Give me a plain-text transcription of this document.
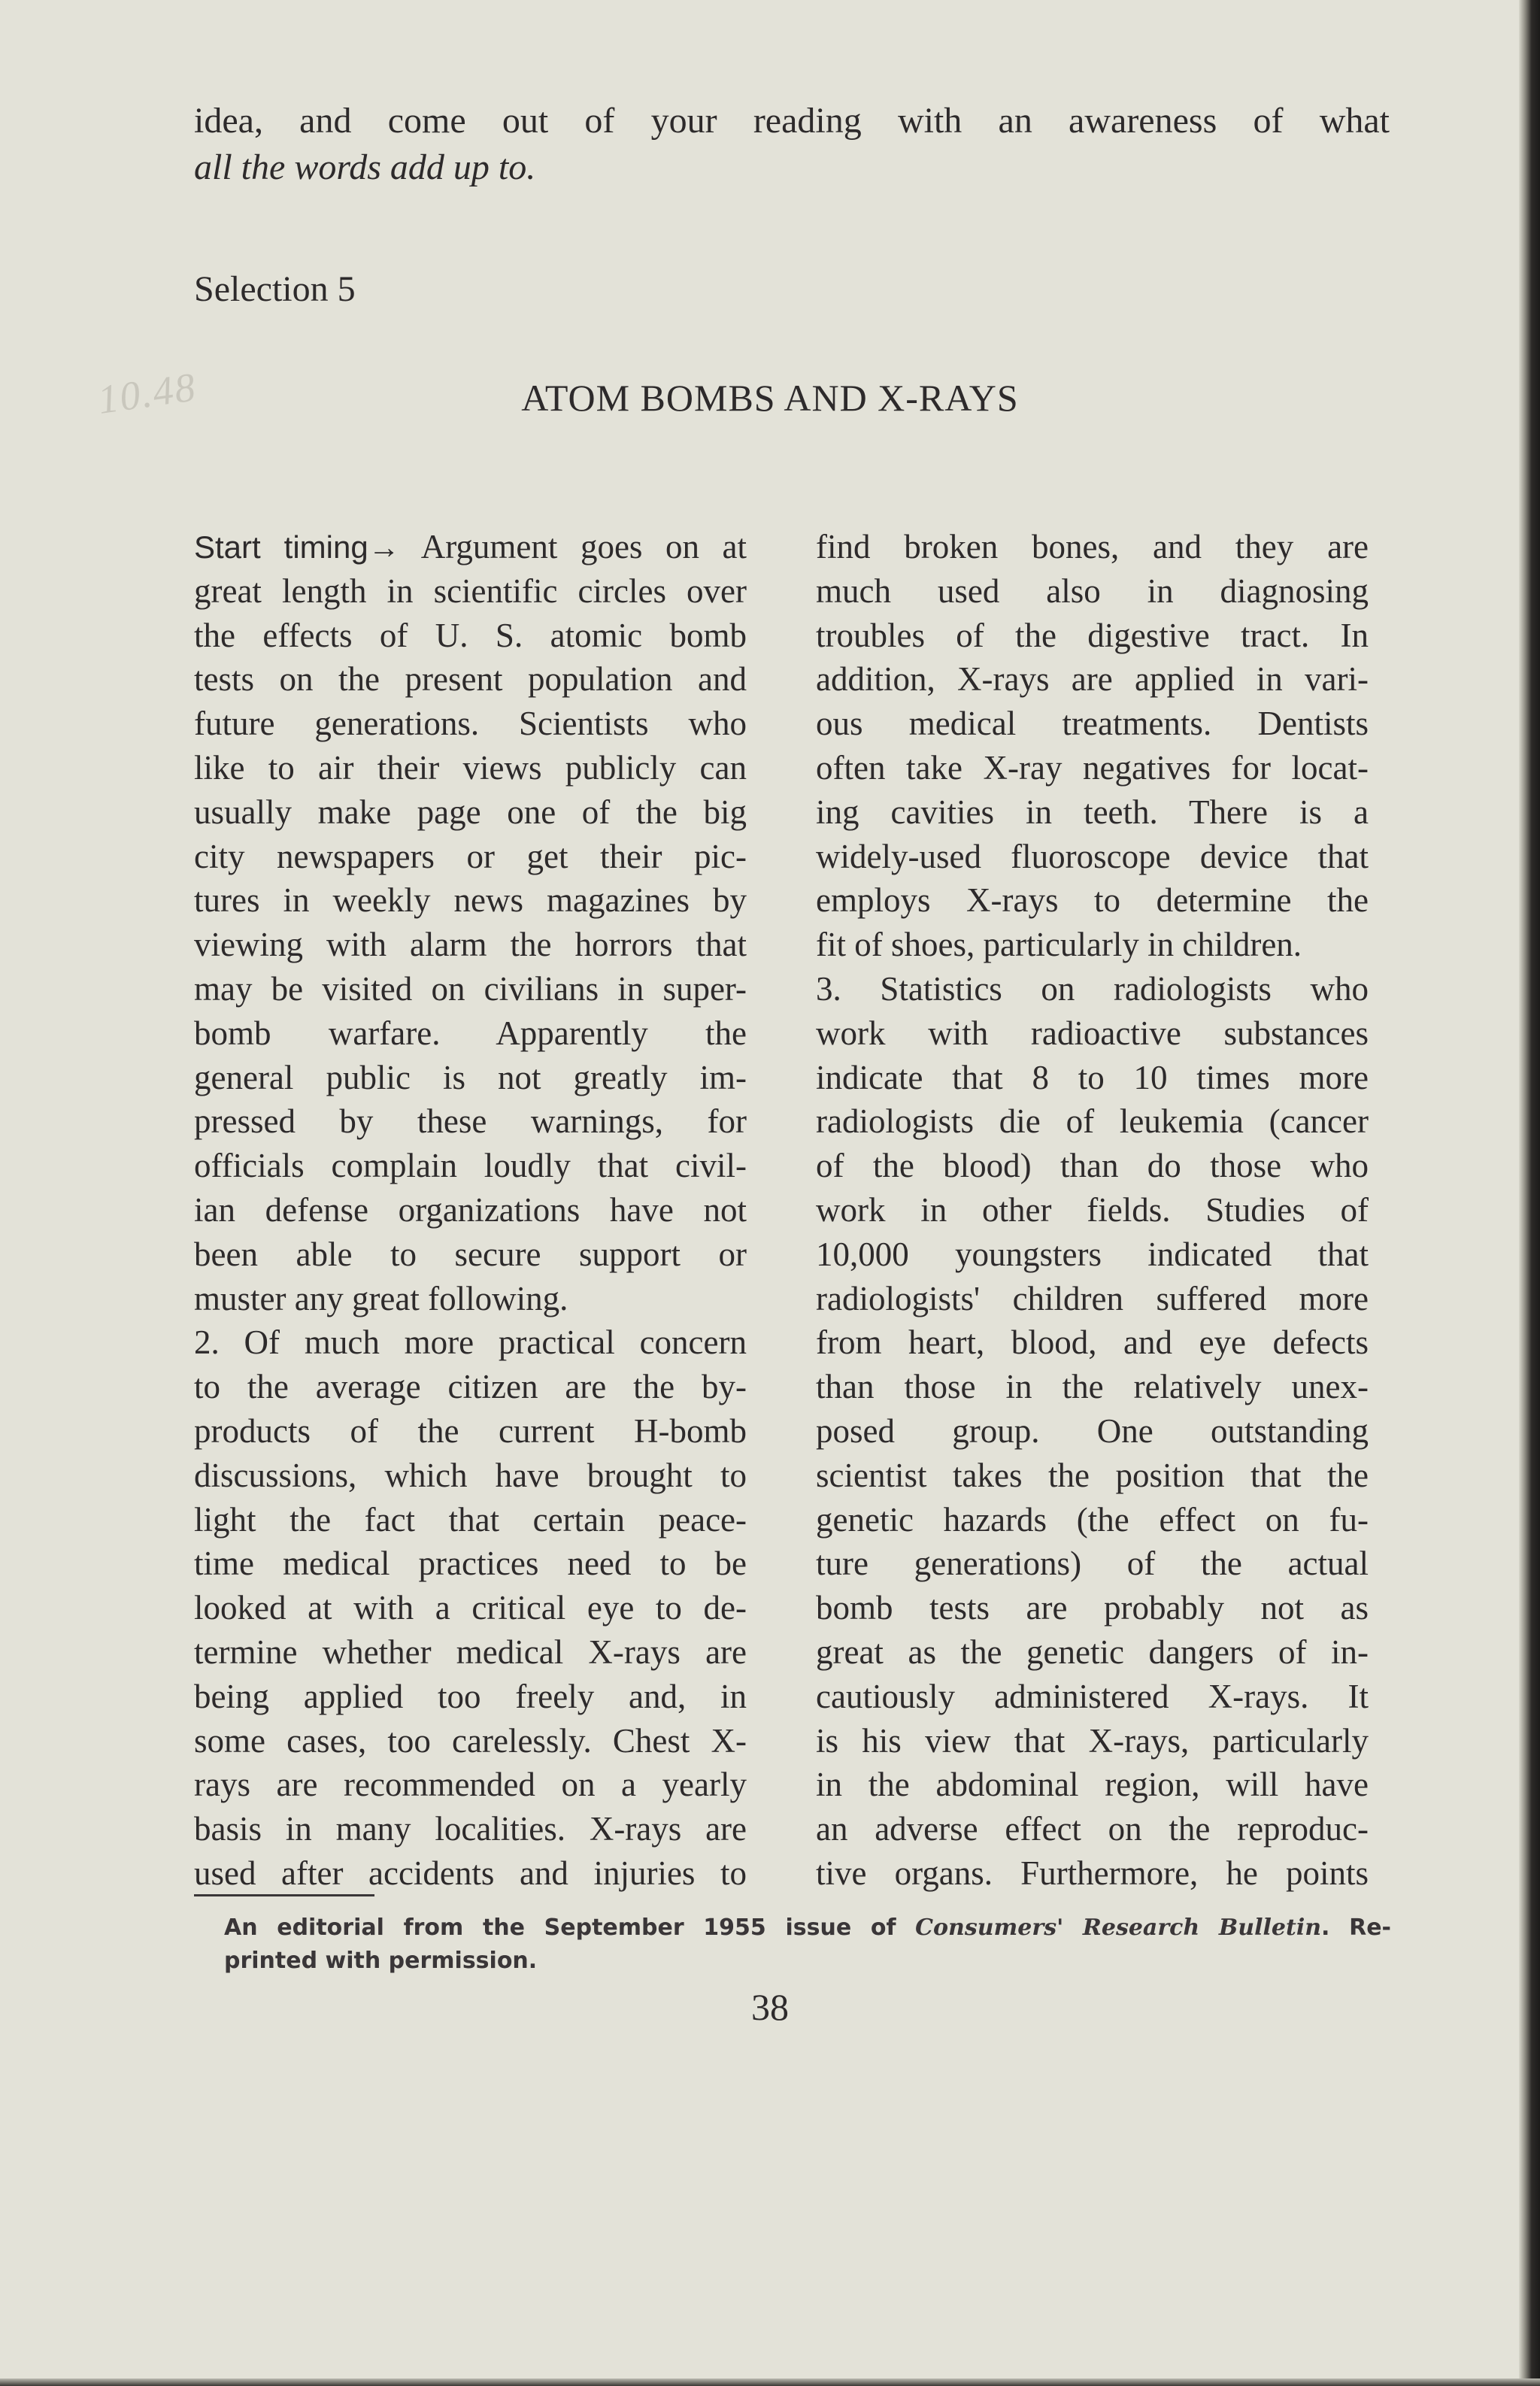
idea, and come out of your reading with an awareness of what

all the words add up to.

Selection 5
10.48	ATOM BOMBS AND X-RAYS
Start timing→ Argument goes on at
great length in scientific circles over
the effects of U. S. atomic bomb
tests on the present population and
future generations. Scientists who
like to air their views publicly can
usually make page one of the big
city newspapers or get their pic-
tures in weekly news magazines by
viewing with alarm the horrors that
may be visited on civilians in super-
bomb warfare. Apparently the
general public is not greatly im-
pressed by these warnings, for
officials complain loudly that civil-
ian defense organizations have not
been able to secure support or
muster any great following.
2. Of much more practical concern
to the average citizen are the by-
products of the current H-bomb
discussions, which have brought to
light the fact that certain peace-
time medical practices need to be
looked at with a critical eye to de-
termine whether medical X-rays are
being applied too freely and, in
some cases, too carelessly. Chest X-
rays are recommended on a yearly
basis in many localities. X-rays are
used after accidents and injuries to
find broken bones, and they are
much used also in diagnosing
troubles of the digestive tract. In
addition, X-rays are applied in vari-
ous medical treatments. Dentists
often take X-ray negatives for locat-
ing cavities in teeth. There is a
widely-used fluoroscope device that
employs X-rays to determine the
fit of shoes, particularly in children.
3. Statistics on radiologists who
work with radioactive substances
indicate that 8 to 10 times more
radiologists die of leukemia (cancer
of the blood) than do those who
work in other fields. Studies of
10,000 youngsters indicated that
radiologists' children suffered more
from heart, blood, and eye defects
than those in the relatively unex-
posed group. One outstanding
scientist takes the position that the
genetic hazards (the effect on fu-
ture generations) of the actual
bomb tests are probably not as
great as the genetic dangers of in-
cautiously administered X-rays. It
is his view that X-rays, particularly
in the abdominal region, will have
an adverse effect on the reproduc-
tive organs. Furthermore, he points
An editorial from the September 1955 issue of Consumers' Research Bulletin. Re-
printed with permission.
38
